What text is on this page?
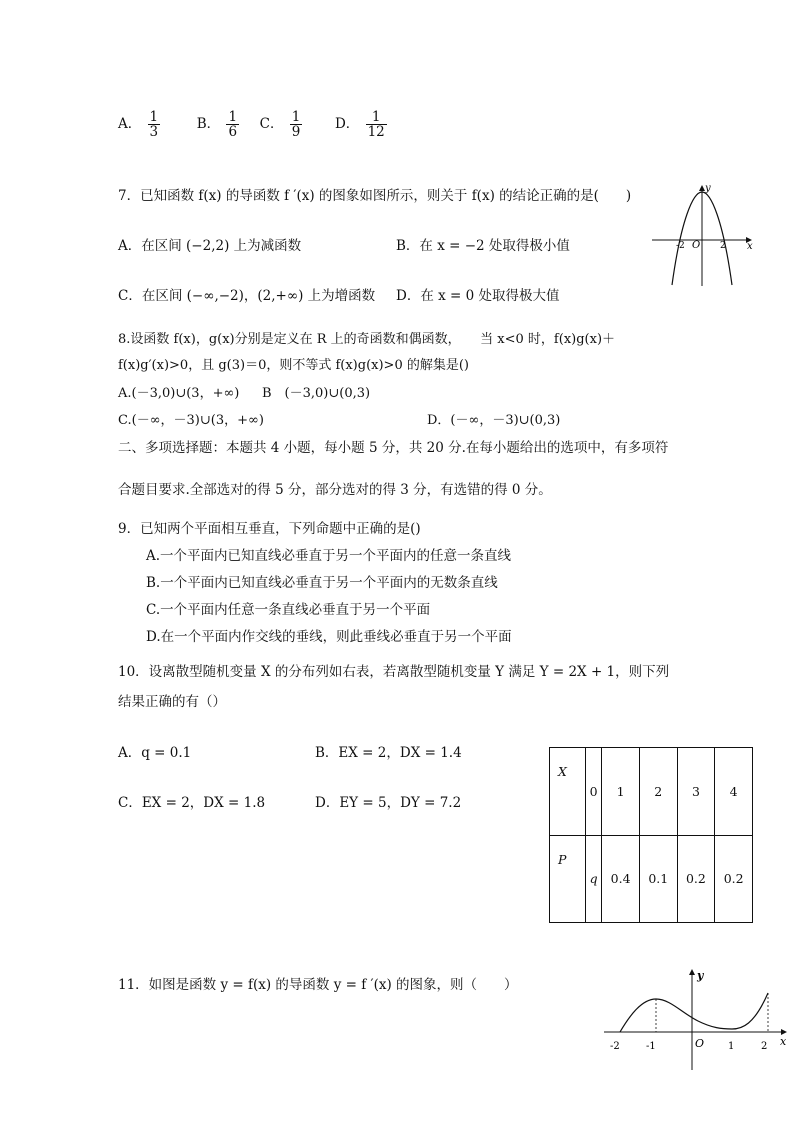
A． $\frac{1}{3}$	B． $\frac{1}{6}$ C． $\frac{1}{9}$ D． $\frac{1}{12}$
7．已知函数 f(x) 的导函数 f ′(x) 的图象如图所示，则关于 f(x) 的结论正确的是(　　)
A．在区间 (−2,2) 上为减函数	B．在 x = −2 处取得极小值
C．在区间 (−∞,−2)，(2,+∞) 上为增函数 D．在 x = 0 处取得极大值
y
x
O
-2	2
8.设函数 f(x)，g(x)分别是定义在 R 上的奇函数和偶函数，　　当 x<0 时，f(x)g(x)＋
f(x)g′(x)>0，且 g(3)＝0，则不等式 f(x)g(x)>0 的解集是()
A.(－3,0)∪(3，+∞) B　(－3,0)∪(0,3)
C.(－∞，－3)∪(3，+∞)	D．(－∞，－3)∪(0,3)
二、多项选择题：本题共 4 小题，每小题 5 分，共 20 分.在每小题给出的选项中，有多项符
合题目要求.全部选对的得 5 分，部分选对的得 3 分，有选错的得 0 分。
9．已知两个平面相互垂直，下列命题中正确的是()
A.一个平面内已知直线必垂直于另一个平面内的任意一条直线
B.一个平面内已知直线必垂直于另一个平面内的无数条直线
C.一个平面内任意一条直线必垂直于另一个平面
D.在一个平面内作交线的垂线，则此垂线必垂直于另一个平面
10．设离散型随机变量 X 的分布列如右表，若离散型随机变量 Y 满足 Y = 2X + 1，则下列
结果正确的有（）
A．q = 0.1	B．EX = 2，DX = 1.4
C．EX = 2，DX = 1.8	D．EY = 5，DY = 7.2
X	0	1	2	3	4
P	q	0.4	0.1	0.2	0.2
11．如图是函数 y = f(x) 的导函数 y = f ′(x) 的图象，则（　　）
y
x
O
-2	-1	1	2
